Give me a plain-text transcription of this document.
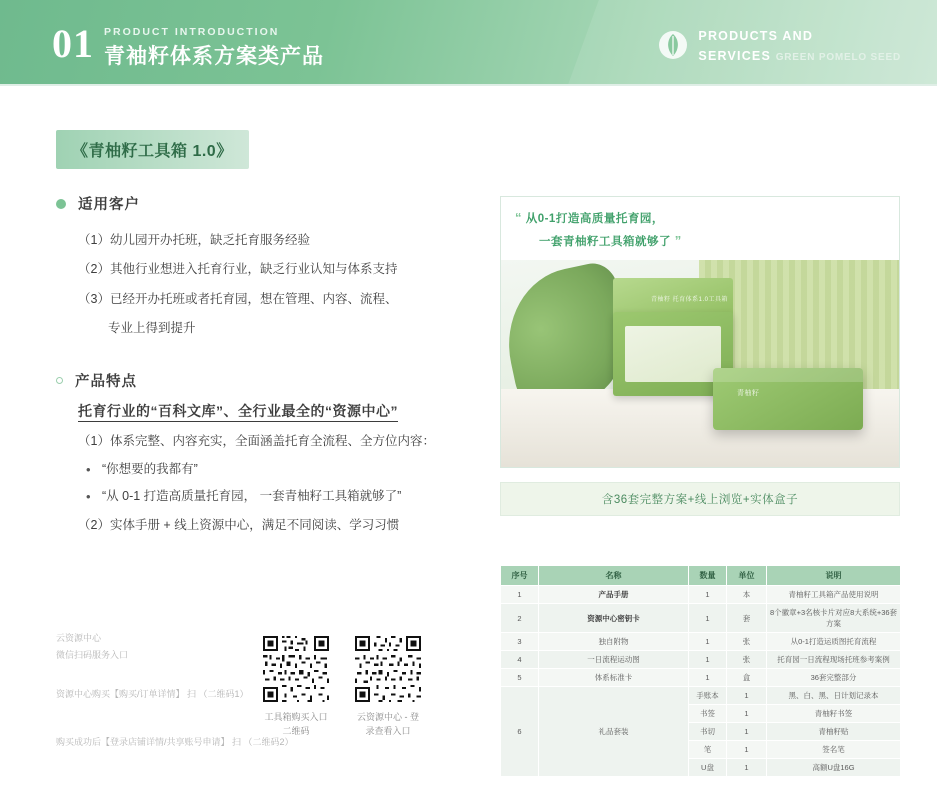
01 PRODUCT INTRODUCTION
青袖籽体系方案类产品
PRODUCTS AND
SERVICES GREEN POMELO SEED
《青柚籽工具箱 1.0》
适用客户
（1）幼儿园开办托班，缺乏托育服务经验
（2）其他行业想进入托育行业，缺乏行业认知与体系支持
（3）已经开办托班或者托育园，想在管理、内容、流程、
专业上得到提升
产品特点
托育行业的“百科文库”、全行业最全的“资源中心”
（1）体系完整、内容充实，全面涵盖托育全流程、全方位内容：
• “你想要的我都有”
• “从 0-1 打造高质量托育园， 一套青柚籽工具箱就够了”
（2）实体手册 + 线上资源中心，满足不同阅读、学习习惯
云资源中心
微信扫码服务入口
资源中心购买【购买/订单详情】 扫 （二维码1）
购买成功后【登录店铺详情/共享账号申请】 扫 （二维码2）
工具箱购买入口
二维码
云资源中心 - 登
录查看入口
“ 从0-1打造高质量托育园，
一套青柚籽工具箱就够了 ”
青柚籽 托育体系1.0工具箱
青柚籽
含36套完整方案+线上浏览+实体盒子
序号	名称	数量	单位	说明
1	产品手册	1	本	青柚籽工具箱产品使用说明
2	资源中心密钥卡	1	套	8个徽章+3名核卡片对应8大系统+36套方案
3	独自附物	1	张	从0-1打造运质图托育流程
4	一日流程运动图	1	张	托育园一日流程现场托班参考案例
5	体系标准卡	1	盒	36套完整部分
6	礼品套装	手账本	1	黑、白、黑、日计划记录本
		书签	1	青柚籽书签
		书切	1	青柚籽贴
		笔	1	签名笔
		U盘	1	高额U盘16G
